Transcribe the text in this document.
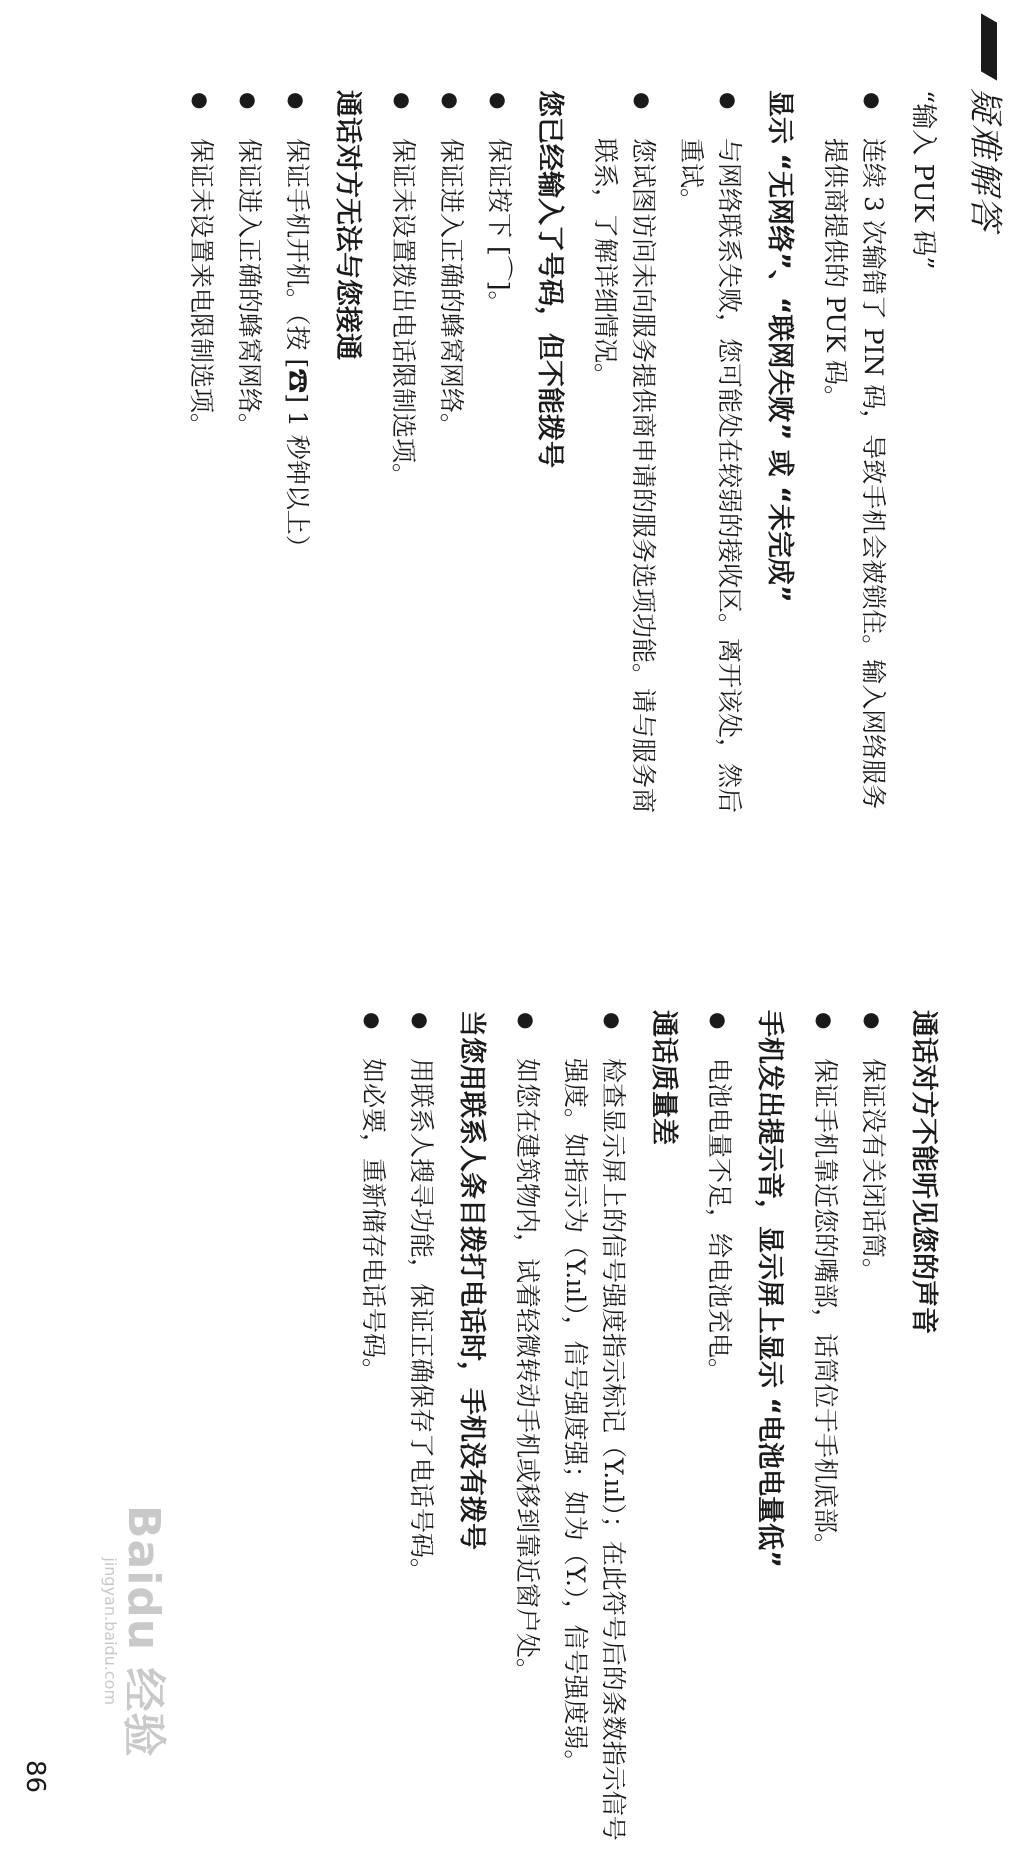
疑难解答

“输入 PUK 码”

● 连续 3 次输错了 PIN 码，导致手机会被锁住。输入网络服务提供商提供的 PUK 码。

显示 “无网络”、“联网失败” 或 “未完成”

● 与网络联系失败，您可能处在较弱的接收区。离开该处，然后重试。
● 您试图访问未向服务提供商申请的服务选项功能。请与服务商联系，了解详细情况。

您已经输入了号码，但不能拨号

● 保证按下 [⌒]。
● 保证进入正确的蜂窝网络。
● 保证未设置拨出电话限制选项。

通话对方无法与您接通

● 保证手机开机。（按 [☎] 1 秒钟以上）
● 保证进入正确的蜂窝网络。
● 保证未设置来电限制选项。

通话对方不能听见您的声音

● 保证没有关闭话筒。
● 保证手机靠近您的嘴部，话筒位于手机底部。

手机发出提示音，显示屏上显示 “电池电量低”

● 电池电量不足，给电池充电。

通话质量差

● 检查显示屏上的信号强度指示标记（Y.ııl）；在此符号后的条数指示信号强度。如指示为（Y.ııl），信号强度强；如为（Y.），信号强度弱。
● 如您在建筑物内，试着轻微转动手机或移到靠近窗户处。

当您用联系人条目拨打电话时，手机没有拨号

● 用联系人搜寻功能，保证正确保存了电话号码。
● 如必要，重新储存电话号码。
Baidu 经验
jingyan.baidu.com
86
